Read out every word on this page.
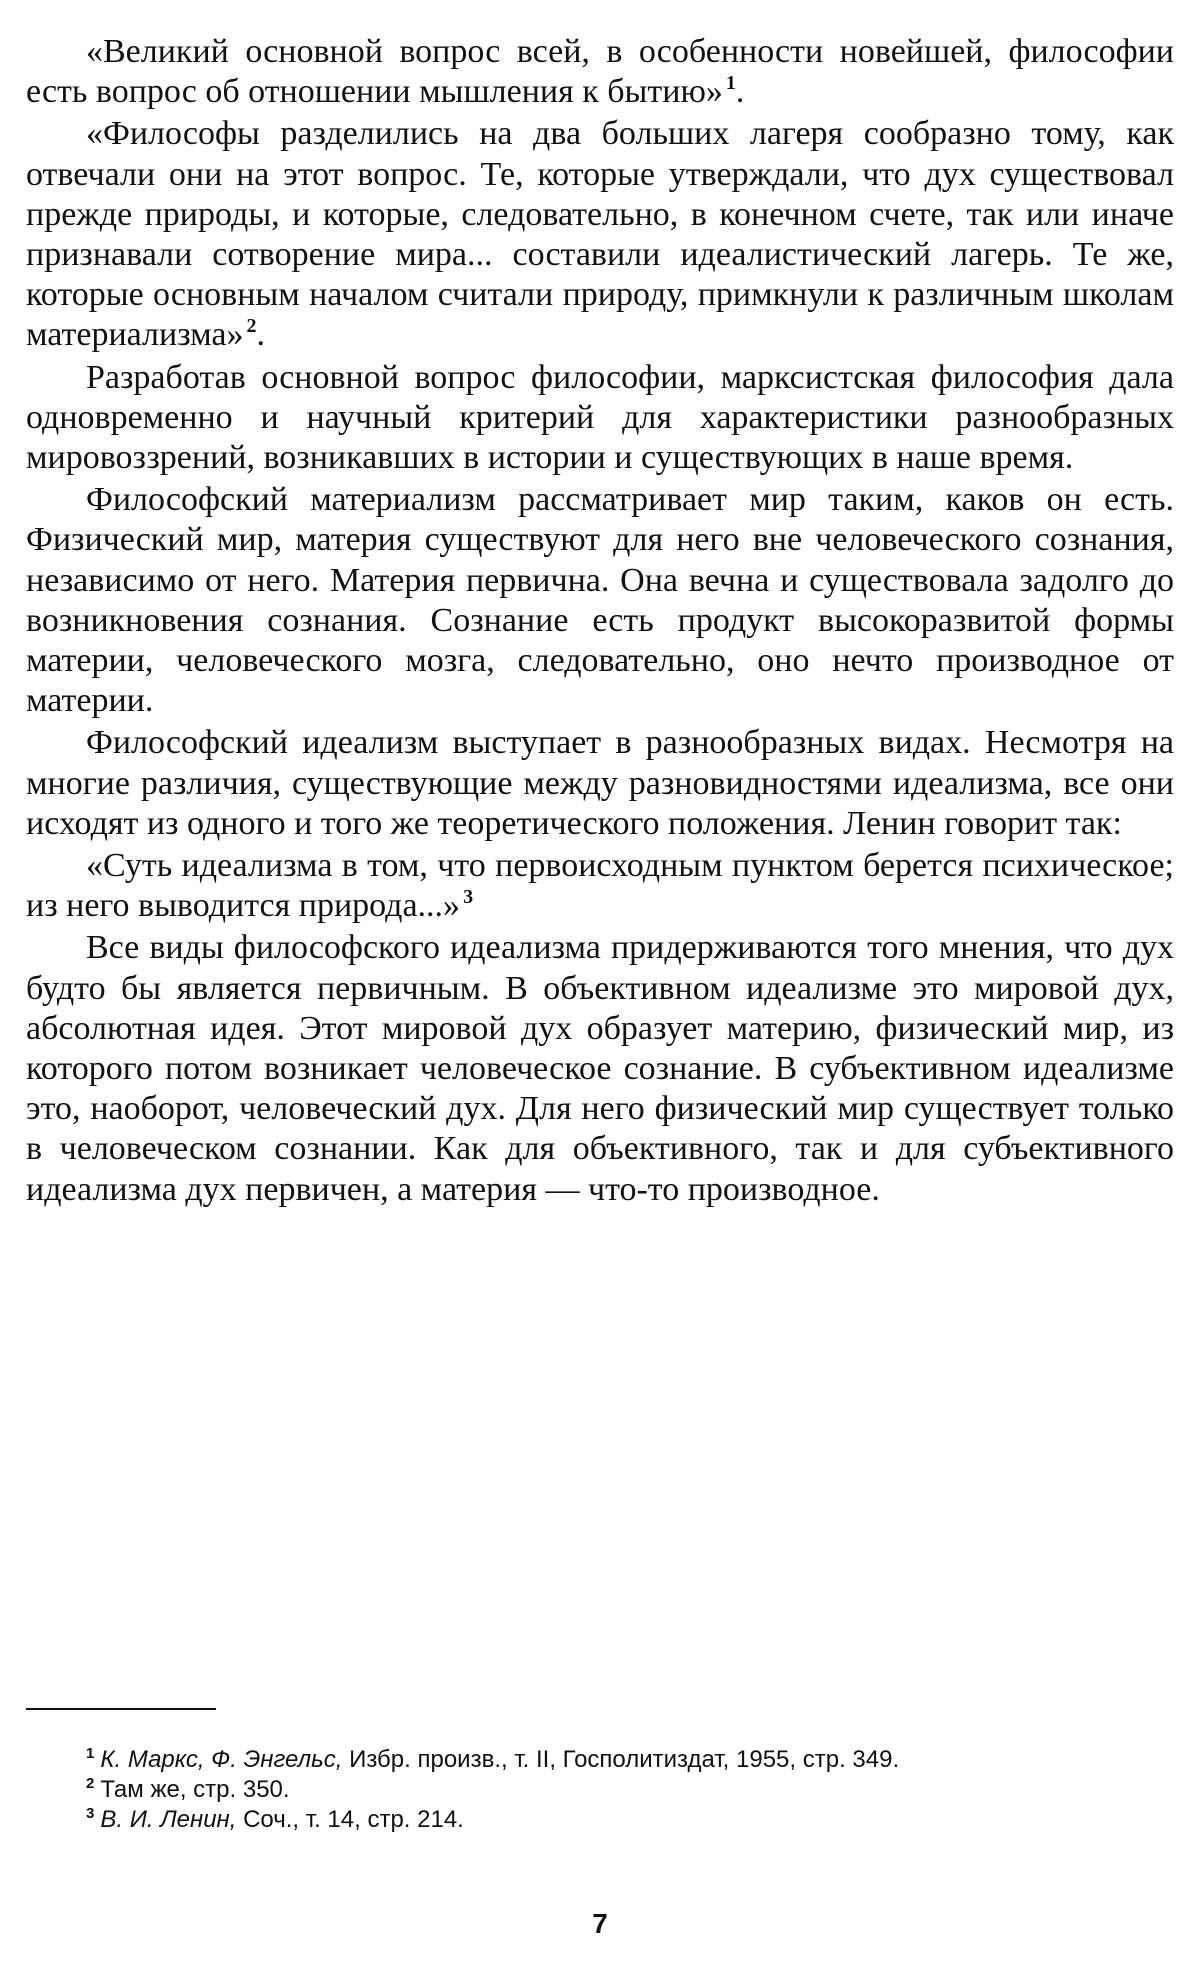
«Великий основной вопрос всей, в особенности новейшей, философии есть вопрос об отношении мышления к бытию» $^1$.

«Философы разделились на два больших лагеря сообразно тому, как отвечали они на этот вопрос. Те, которые утверждали, что дух существовал прежде природы, и которые, следовательно, в конечном счете, так или иначе признавали сотворение мира... составили идеалистический лагерь. Те же, которые основным началом считали природу, примкнули к различным школам материализма» $^2$.

Разработав основной вопрос философии, марксистская философия дала одновременно и научный критерий для характеристики разнообразных мировоззрений, возникавших в истории и существующих в наше время.

Философский материализм рассматривает мир таким, каков он есть. Физический мир, материя существуют для него вне человеческого сознания, независимо от него. Материя первична. Она вечна и существовала задолго до возникновения сознания. Сознание есть продукт высокоразвитой формы материи, человеческого мозга, следовательно, оно нечто производное от материи.

Философский идеализм выступает в разнообразных видах. Несмотря на многие различия, существующие между разновидностями идеализма, все они исходят из одного и того же теоретического положения. Ленин говорит так:

«Суть идеализма в том, что первоисходным пунктом берется психическое; из него выводится природа...» $^3$

Все виды философского идеализма придерживаются того мнения, что дух будто бы является первичным. В объективном идеализме это мировой дух, абсолютная идея. Этот мировой дух образует материю, физический мир, из которого потом возникает человеческое сознание. В субъективном идеализме это, наоборот, человеческий дух. Для него физический мир существует только в человеческом сознании. Как для объективного, так и для субъективного идеализма дух первичен, а материя — что-то производное.

$^1$ К. Маркс, Ф. Энгельс, Избр. произв., т. II, Госполитиздат, 1955, стр. 349.

$^2$ Там же, стр. 350.

$^3$ В. И. Ленин, Соч., т. 14, стр. 214.

7
